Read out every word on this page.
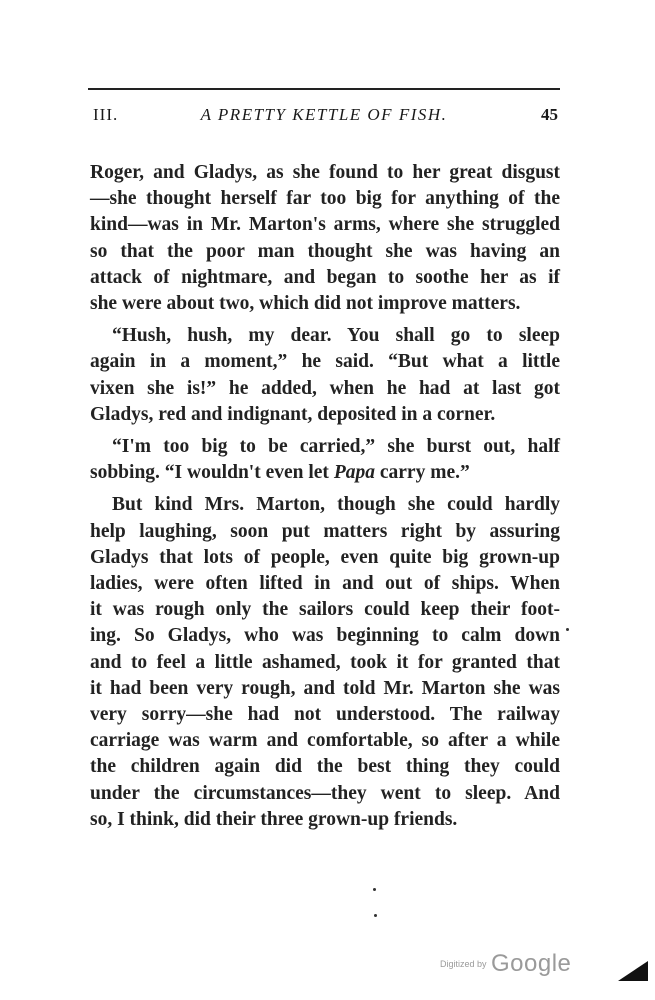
III.	A PRETTY KETTLE OF FISH.	45

Roger, and Gladys, as she found to her great disgust
—she thought herself far too big for anything of the
kind—was in Mr. Marton's arms, where she struggled
so that the poor man thought she was having an
attack of nightmare, and began to soothe her as if
she were about two, which did not improve matters.

“Hush, hush, my dear. You shall go to sleep
again in a moment,” he said. “But what a little
vixen she is!” he added, when he had at last got
Gladys, red and indignant, deposited in a corner.

“I'm too big to be carried,” she burst out, half
sobbing. “I wouldn't even let Papa carry me.”

But kind Mrs. Marton, though she could hardly
help laughing, soon put matters right by assuring
Gladys that lots of people, even quite big grown-up
ladies, were often lifted in and out of ships. When
it was rough only the sailors could keep their foot-
ing. So Gladys, who was beginning to calm down
and to feel a little ashamed, took it for granted that
it had been very rough, and told Mr. Marton she was
very sorry—she had not understood. The railway
carriage was warm and comfortable, so after a while
the children again did the best thing they could
under the circumstances—they went to sleep. And
so, I think, did their three grown-up friends.

Digitized by Google
